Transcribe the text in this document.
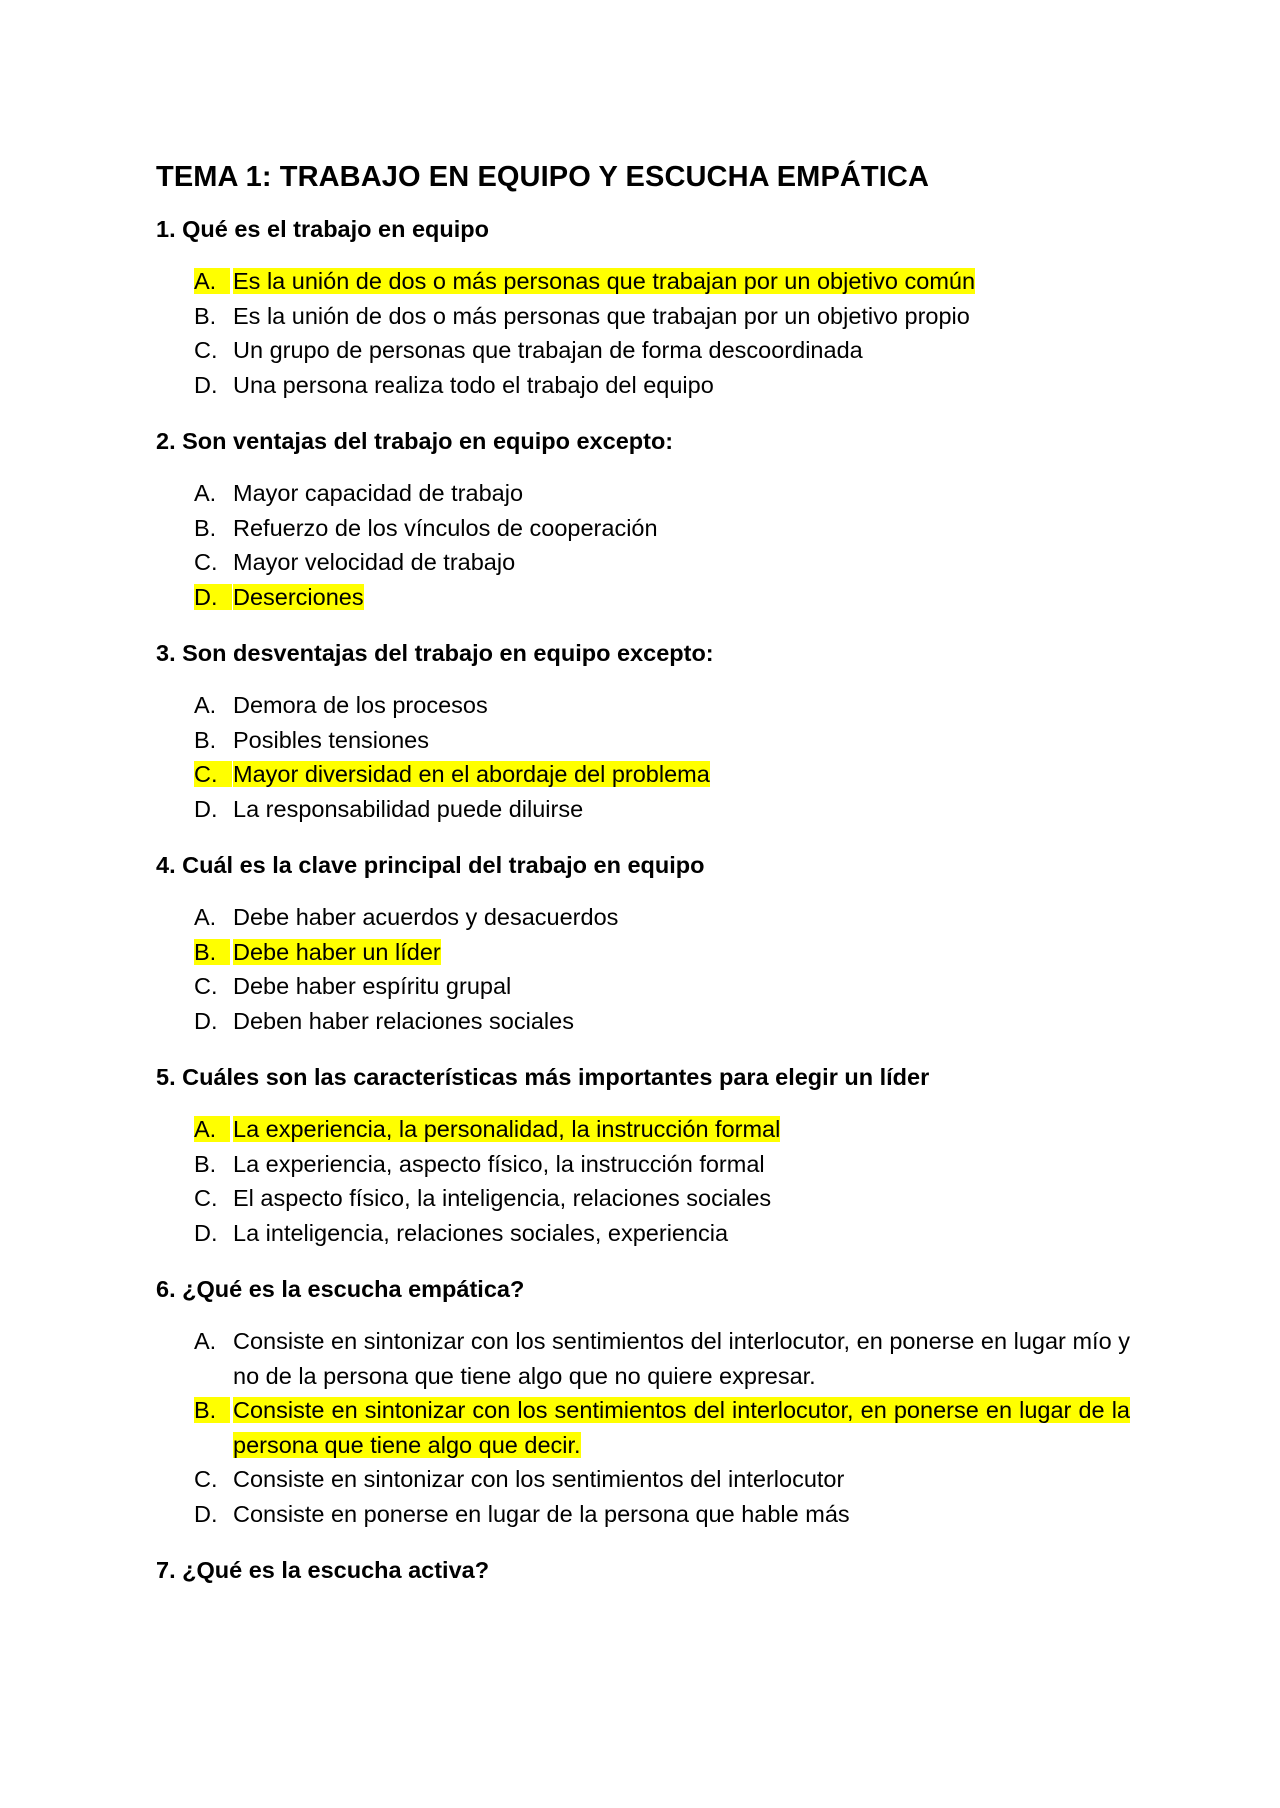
TEMA 1: TRABAJO EN EQUIPO Y ESCUCHA EMPÁTICA
1. Qué es el trabajo en equipo
A. Es la unión de dos o más personas que trabajan por un objetivo común
B. Es la unión de dos o más personas que trabajan por un objetivo propio
C. Un grupo de personas que trabajan de forma descoordinada
D. Una persona realiza todo el trabajo del equipo
2. Son ventajas del trabajo en equipo excepto:
A. Mayor capacidad de trabajo
B. Refuerzo de los vínculos de cooperación
C. Mayor velocidad de trabajo
D. Deserciones
3. Son desventajas del trabajo en equipo excepto:
A. Demora de los procesos
B. Posibles tensiones
C. Mayor diversidad en el abordaje del problema
D. La responsabilidad puede diluirse
4. Cuál es la clave principal del trabajo en equipo
A. Debe haber acuerdos y desacuerdos
B. Debe haber un líder
C. Debe haber espíritu grupal
D. Deben haber relaciones sociales
5. Cuáles son las características más importantes para elegir un líder
A. La experiencia, la personalidad, la instrucción formal
B. La experiencia, aspecto físico, la instrucción formal
C. El aspecto físico, la inteligencia, relaciones sociales
D. La inteligencia, relaciones sociales, experiencia
6. ¿Qué es la escucha empática?
A. Consiste en sintonizar con los sentimientos del interlocutor, en ponerse en lugar mío y no de la persona que tiene algo que no quiere expresar.
B. Consiste en sintonizar con los sentimientos del interlocutor, en ponerse en lugar de la persona que tiene algo que decir.
C. Consiste en sintonizar con los sentimientos del interlocutor
D. Consiste en ponerse en lugar de la persona que hable más
7. ¿Qué es la escucha activa?
